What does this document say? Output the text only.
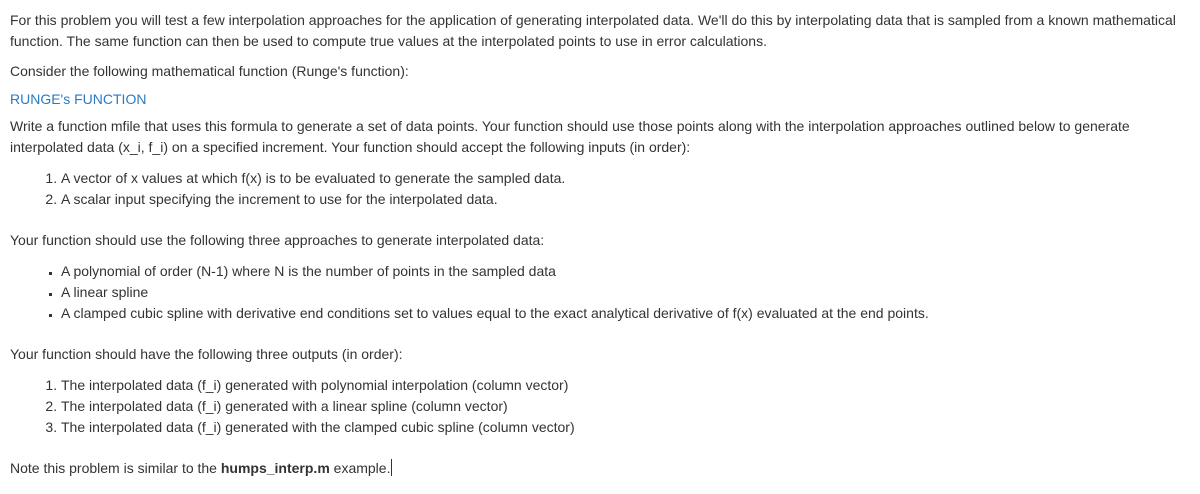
For this problem you will test a few interpolation approaches for the application of generating interpolated data. We'll do this by interpolating data that is sampled from a known mathematical function. The same function can then be used to compute true values at the interpolated points to use in error calculations.

Consider the following mathematical function (Runge's function):

RUNGE's FUNCTION

Write a function mfile that uses this formula to generate a set of data points. Your function should use those points along with the interpolation approaches outlined below to generate interpolated data (x_i, f_i) on a specified increment. Your function should accept the following inputs (in order):

1. A vector of x values at which f(x) is to be evaluated to generate the sampled data.
2. A scalar input specifying the increment to use for the interpolated data.

Your function should use the following three approaches to generate interpolated data:

▪ A polynomial of order (N-1) where N is the number of points in the sampled data
▪ A linear spline
▪ A clamped cubic spline with derivative end conditions set to values equal to the exact analytical derivative of f(x) evaluated at the end points.

Your function should have the following three outputs (in order):

1. The interpolated data (f_i) generated with polynomial interpolation (column vector)
2. The interpolated data (f_i) generated with a linear spline (column vector)
3. The interpolated data (f_i) generated with the clamped cubic spline (column vector)

Note this problem is similar to the humps_interp.m example.
